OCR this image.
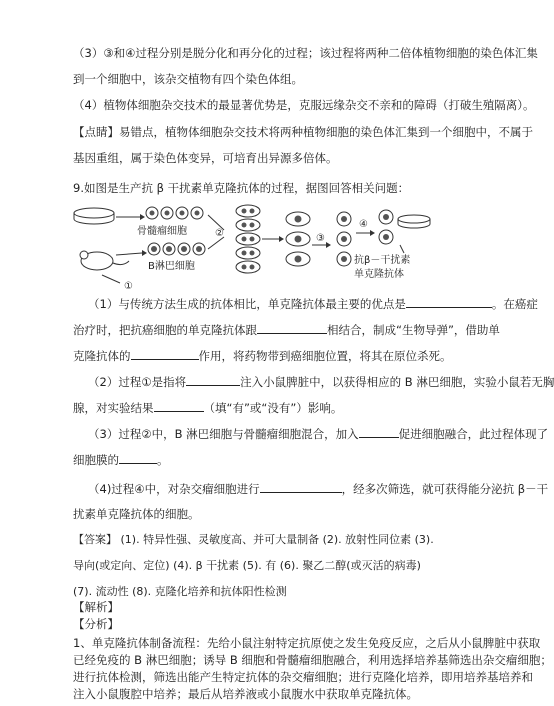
（3）③和④过程分别是脱分化和再分化的过程；该过程将两种二倍体植物细胞的染色体汇集
到一个细胞中，该杂交植物有四个染色体组。
（4）植物体细胞杂交技术的最显著优势是，克服远缘杂交不亲和的障碍（打破生殖隔离）。
【点睛】易错点，植物体细胞杂交技术将两种植物细胞的染色体汇集到一个细胞中，不属于
基因重组，属于染色体变异，可培育出异源多倍体。
9.如图是生产抗 β 干扰素单克隆抗体的过程，据图回答相关问题：
骨髓瘤细胞
①
B淋巴细胞
②	③
④
抗β－干扰素
单克隆抗体
（1）与传统方法生成的抗体相比，单克隆抗体最主要的优点是	。在癌症
治疗时，把抗癌细胞的单克隆抗体跟	相结合，制成“生物导弹”，借助单
克隆抗体的	作用，将药物带到癌细胞位置，将其在原位杀死。
（2）过程①是指将	注入小鼠脾脏中，以获得相应的 B 淋巴细胞，实验小鼠若无胸
腺，对实验结果	（填“有”或“没有”）影响。
（3）过程②中，B 淋巴细胞与骨髓瘤细胞混合，加入	促进细胞融合，此过程体现了
细胞膜的	。
（4)过程④中，对杂交瘤细胞进行	，经多次筛选，就可获得能分泌抗 β－干
扰素单克隆抗体的细胞。
【答案】 (1). 特异性强、灵敏度高、并可大量制备 (2). 放射性同位素 (3).
导向(或定向、定位) (4). β 干扰素 (5). 有 (6). 聚乙二醇(或灭活的病毒)
(7). 流动性 (8). 克隆化培养和抗体阳性检测
【解析】
【分析】
1、单克隆抗体制备流程：先给小鼠注射特定抗原使之发生免疫反应，之后从小鼠脾脏中获取
已经免疫的 B 淋巴细胞；诱导 B 细胞和骨髓瘤细胞融合，利用选择培养基筛选出杂交瘤细胞；
进行抗体检测，筛选出能产生特定抗体的杂交瘤细胞；进行克隆化培养，即用培养基培养和
注入小鼠腹腔中培养；最后从培养液或小鼠腹水中获取单克隆抗体。
